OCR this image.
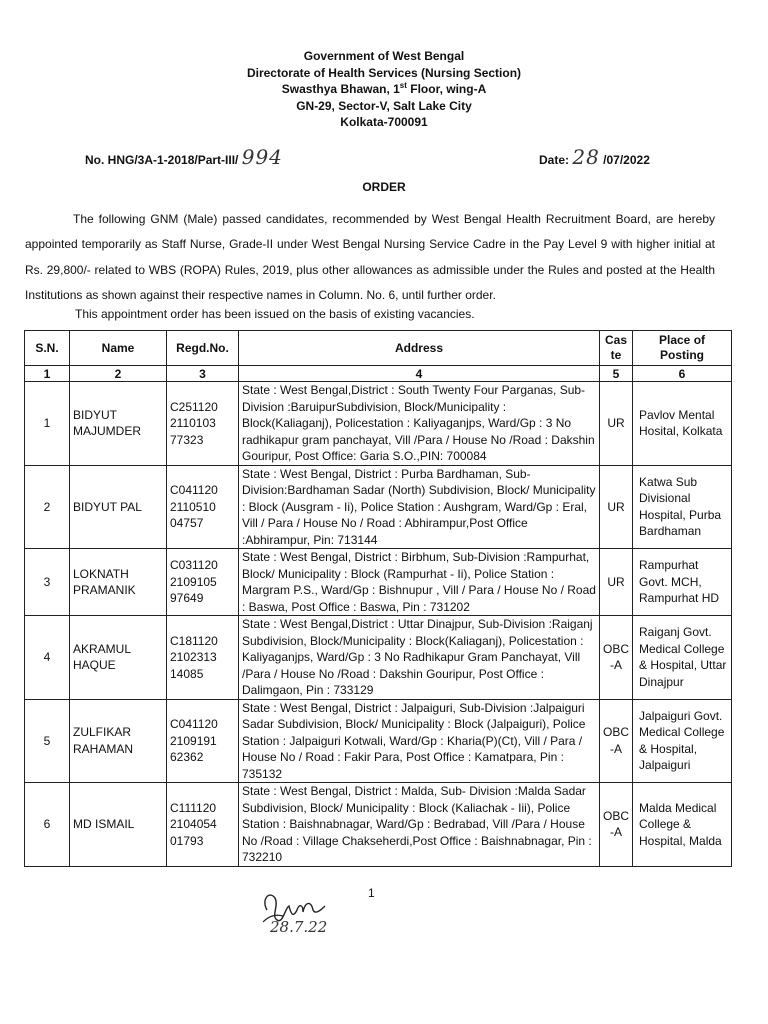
Government of West Bengal
Directorate of Health Services (Nursing Section)
Swasthya Bhawan, 1st Floor, wing-A
GN-29, Sector-V, Salt Lake City
Kolkata-700091
No. HNG/3A-1-2018/Part-III/ 994	Date: 28 /07/2022
ORDER
The following GNM (Male) passed candidates, recommended by West Bengal Health Recruitment Board, are hereby appointed temporarily as Staff Nurse, Grade-II under West Bengal Nursing Service Cadre in the Pay Level 9 with higher initial at Rs. 29,800/- related to WBS (ROPA) Rules, 2019, plus other allowances as admissible under the Rules and posted at the Health Institutions as shown against their respective names in Column. No. 6, until further order.
This appointment order has been issued on the basis of existing vacancies.
S.N.	Name	Regd.No.	Address	Cas te	Place of Posting
1	2	3	4	5	6
1	BIDYUT MAJUMDER	C251120 2110103 77323	State : West Bengal,District : South Twenty Four Parganas, Sub-Division :BaruipurSubdivision, Block/Municipality : Block(Kaliaganj), Policestation : Kaliyaganjps, Ward/Gp : 3 No radhikapur gram panchayat, Vill /Para / House No /Road : Dakshin Gouripur, Post Office: Garia S.O.,PIN: 700084	UR	Pavlov Mental Hosital, Kolkata
2	BIDYUT PAL	C041120 2110510 04757	State : West Bengal, District : Purba Bardhaman, Sub-Division:Bardhaman Sadar (North) Subdivision, Block/ Municipality : Block (Ausgram - Ii), Police Station : Aushgram, Ward/Gp : Eral, Vill / Para / House No / Road : Abhirampur,Post Office :Abhirampur, Pin: 713144	UR	Katwa Sub Divisional Hospital, Purba Bardhaman
3	LOKNATH PRAMANIK	C031120 2109105 97649	State : West Bengal, District : Birbhum, Sub-Division :Rampurhat, Block/ Municipality : Block (Rampurhat - Ii), Police Station : Margram P.S., Ward/Gp : Bishnupur , Vill / Para / House No / Road : Baswa, Post Office : Baswa, Pin : 731202	UR	Rampurhat Govt. MCH, Rampurhat HD
4	AKRAMUL HAQUE	C181120 2102313 14085	State : West Bengal,District : Uttar Dinajpur, Sub-Division :Raiganj Subdivision, Block/Municipality : Block(Kaliaganj), Policestation : Kaliyaganjps, Ward/Gp : 3 No Radhikapur Gram Panchayat, Vill /Para / House No /Road : Dakshin Gouripur, Post Office : Dalimgaon, Pin : 733129	OBC -A	Raiganj Govt. Medical College & Hospital, Uttar Dinajpur
5	ZULFIKAR RAHAMAN	C041120 2109191 62362	State : West Bengal, District : Jalpaiguri, Sub-Division :Jalpaiguri Sadar Subdivision, Block/ Municipality : Block (Jalpaiguri), Police Station : Jalpaiguri Kotwali, Ward/Gp : Kharia(P)(Ct), Vill / Para / House No / Road : Fakir Para, Post Office : Kamatpara, Pin : 735132	OBC -A	Jalpaiguri Govt. Medical College & Hospital, Jalpaiguri
6	MD ISMAIL	C111120 2104054 01793	State : West Bengal, District : Malda, Sub- Division :Malda Sadar Subdivision, Block/ Municipality : Block (Kaliachak - Iii), Police Station : Baishnabnagar, Ward/Gp : Bedrabad, Vill /Para / House No /Road : Village Chakseherdi,Post Office : Baishnabnagar, Pin : 732210	OBC -A	Malda Medical College & Hospital, Malda
1
28.7.22
